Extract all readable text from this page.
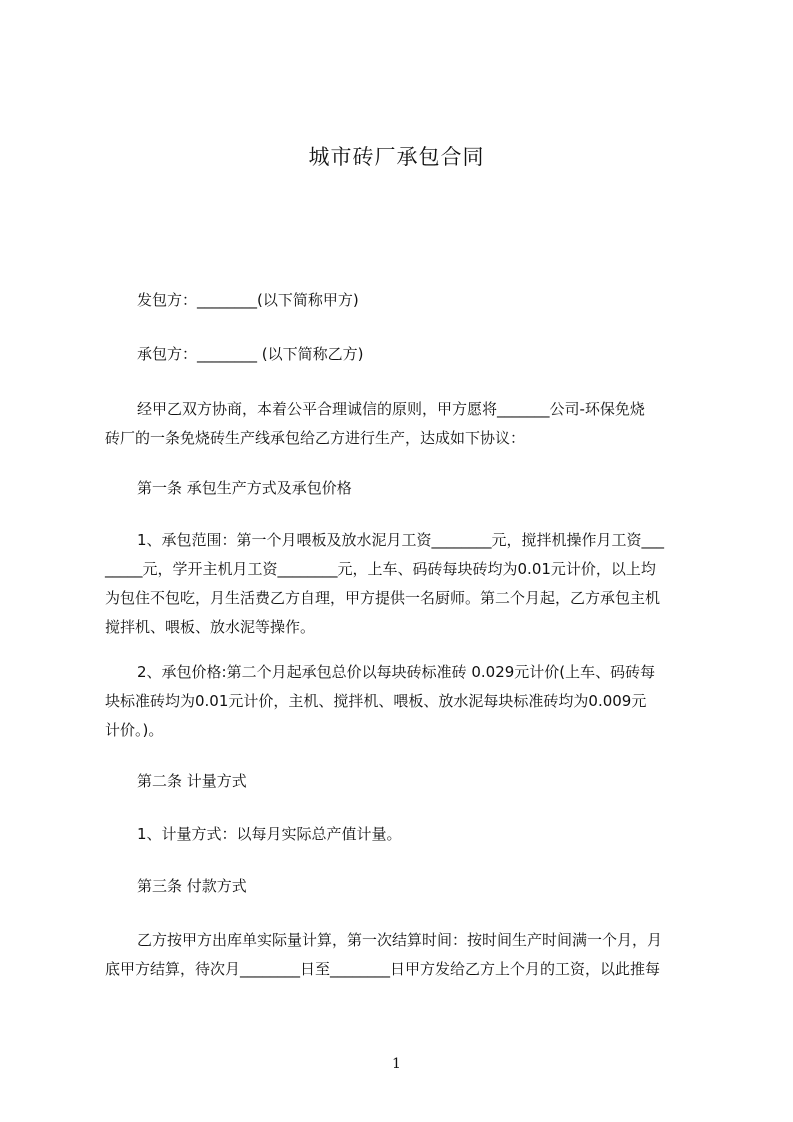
城市砖厂承包合同
发包方：________(以下简称甲方)
承包方：________ (以下简称乙方)
经甲乙双方协商，本着公平合理诚信的原则，甲方愿将_______公司-环保免烧
砖厂的一条免烧砖生产线承包给乙方进行生产，达成如下协议：
第一条 承包生产方式及承包价格
1、承包范围：第一个月喂板及放水泥月工资________元，搅拌机操作月工资___
_____元，学开主机月工资________元，上车、码砖每块砖均为0.01元计价，以上均
为包住不包吃，月生活费乙方自理，甲方提供一名厨师。第二个月起，乙方承包主机
搅拌机、喂板、放水泥等操作。
2、承包价格:第二个月起承包总价以每块砖标准砖 0.029元计价(上车、码砖每
块标准砖均为0.01元计价，主机、搅拌机、喂板、放水泥每块标准砖均为0.009元
计价。)。
第二条 计量方式
1、计量方式：以每月实际总产值计量。
第三条 付款方式
乙方按甲方出库单实际量计算，第一次结算时间：按时间生产时间满一个月，月
底甲方结算，待次月________日至________日甲方发给乙方上个月的工资，以此推每
1
